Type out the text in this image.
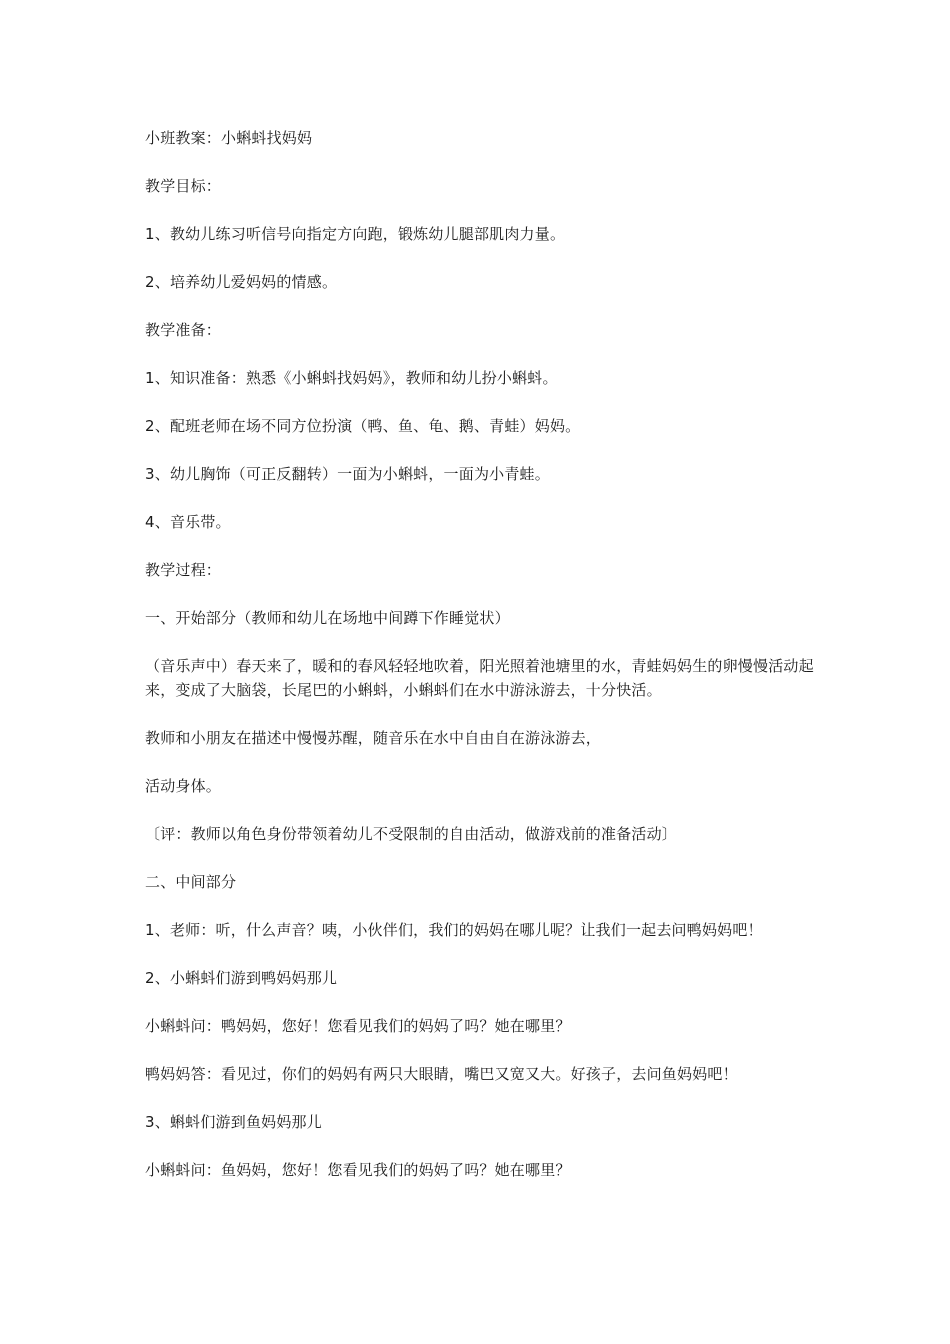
小班教案：小蝌蚪找妈妈

教学目标：

1、教幼儿练习听信号向指定方向跑，锻炼幼儿腿部肌肉力量。

2、培养幼儿爱妈妈的情感。

教学准备：

1、知识准备：熟悉《小蝌蚪找妈妈》，教师和幼儿扮小蝌蚪。

2、配班老师在场不同方位扮演（鸭、鱼、龟、鹅、青蛙）妈妈。

3、幼儿胸饰（可正反翻转）一面为小蝌蚪，一面为小青蛙。

4、音乐带。

教学过程：

一、开始部分（教师和幼儿在场地中间蹲下作睡觉状）

（音乐声中）春天来了，暖和的春风轻轻地吹着，阳光照着池塘里的水，青蛙妈妈生的卵慢慢活动起来，变成了大脑袋，长尾巴的小蝌蚪，小蝌蚪们在水中游泳游去，十分快活。

教师和小朋友在描述中慢慢苏醒，随音乐在水中自由自在游泳游去，

活动身体。

〔评：教师以角色身份带领着幼儿不受限制的自由活动，做游戏前的准备活动〕

二、中间部分

1、老师：听，什么声音？咦，小伙伴们，我们的妈妈在哪儿呢？让我们一起去问鸭妈妈吧！

2、小蝌蚪们游到鸭妈妈那儿

小蝌蚪问：鸭妈妈，您好！您看见我们的妈妈了吗？她在哪里？

鸭妈妈答：看见过，你们的妈妈有两只大眼睛，嘴巴又宽又大。好孩子，去问鱼妈妈吧！

3、蝌蚪们游到鱼妈妈那儿

小蝌蚪问：鱼妈妈，您好！您看见我们的妈妈了吗？她在哪里？
